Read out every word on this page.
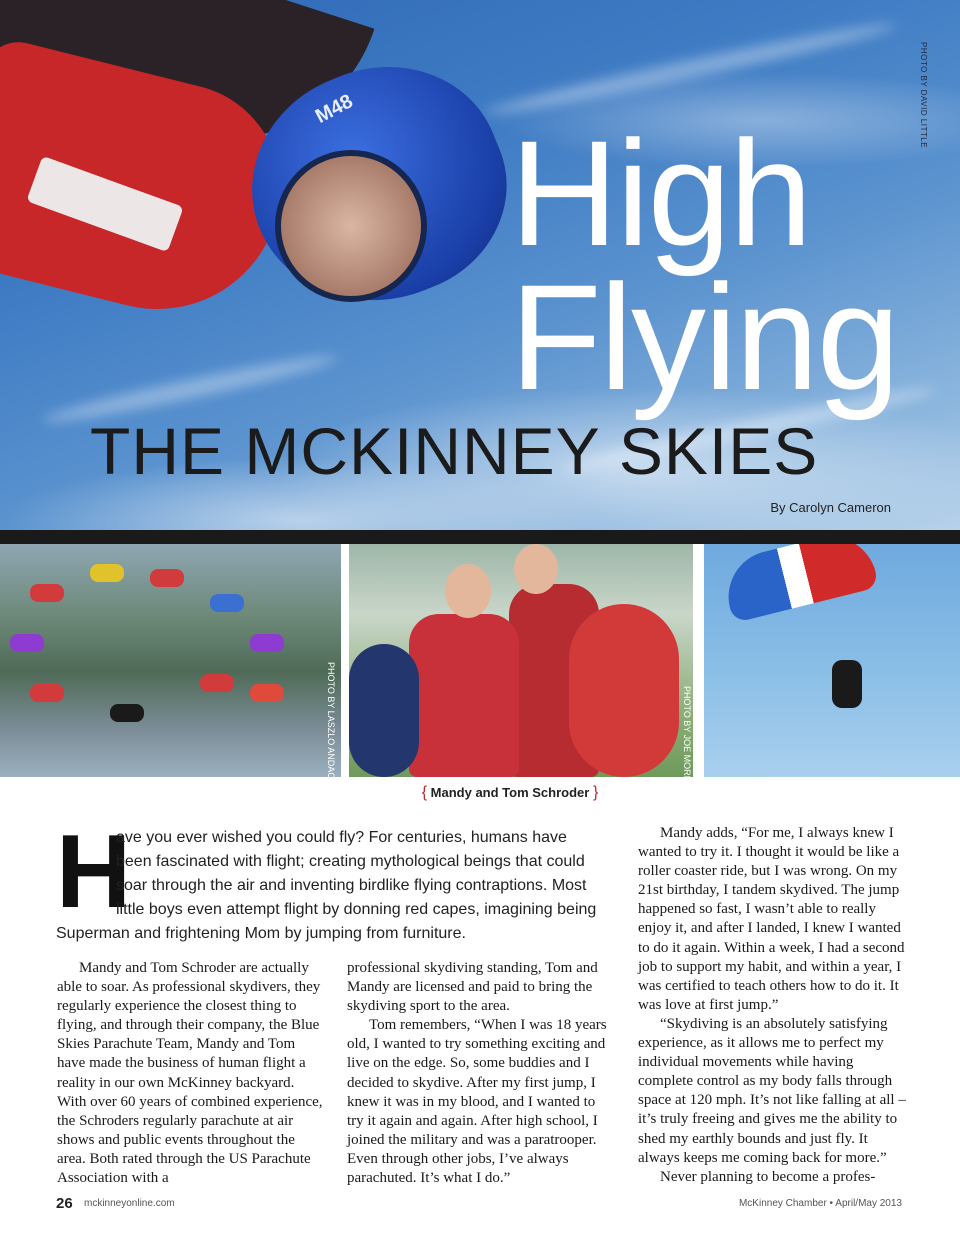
M48 High
Flying
THE MCKINNEY SKIES
By Carolyn Cameron
PHOTO BY DAVID LITTLE
PHOTO BY LASZLO ANDACS	PHOTO BY JOE MORIN
{ Mandy and Tom Schroder }
H
ave you ever wished you could fly? For centuries, humans have
been fascinated with flight; creating mythological beings that could
soar through the air and inventing birdlike flying contraptions. Most
little boys even attempt flight by donning red capes, imagining being
Superman and frightening Mom by jumping from furniture.

Mandy and Tom Schroder are actually able to soar. As professional skydivers, they regularly experience the closest thing to flying, and through their company, the Blue Skies Parachute Team, Mandy and Tom have made the business of human flight a reality in our own McKinney backyard. With over 60 years of combined experience, the Schroders regularly parachute at air shows and public events throughout the area. Both rated through the US Parachute Association with a

professional skydiving standing, Tom and Mandy are licensed and paid to bring the skydiving sport to the area.

Tom remembers, “When I was 18 years old, I wanted to try something exciting and live on the edge. So, some buddies and I decided to skydive. After my first jump, I knew it was in my blood, and I wanted to try it again and again. After high school, I joined the military and was a paratrooper. Even through other jobs, I’ve always parachuted. It’s what I do.”

Mandy adds, “For me, I always knew I wanted to try it. I thought it would be like a roller coaster ride, but I was wrong. On my 21st birthday, I tandem skydived. The jump happened so fast, I wasn’t able to really enjoy it, and after I landed, I knew I wanted to do it again. Within a week, I had a second job to support my habit, and within a year, I was certified to teach others how to do it. It was love at first jump.”

“Skydiving is an absolutely satisfying experience, as it allows me to perfect my individual movements while having complete control as my body falls through space at 120 mph. It’s not like falling at all – it’s truly freeing and gives me the ability to shed my earthly bounds and just fly. It always keeps me coming back for more.”

Never planning to become a profes-

26 mckinneyonline.com	McKinney Chamber • April/May 2013
